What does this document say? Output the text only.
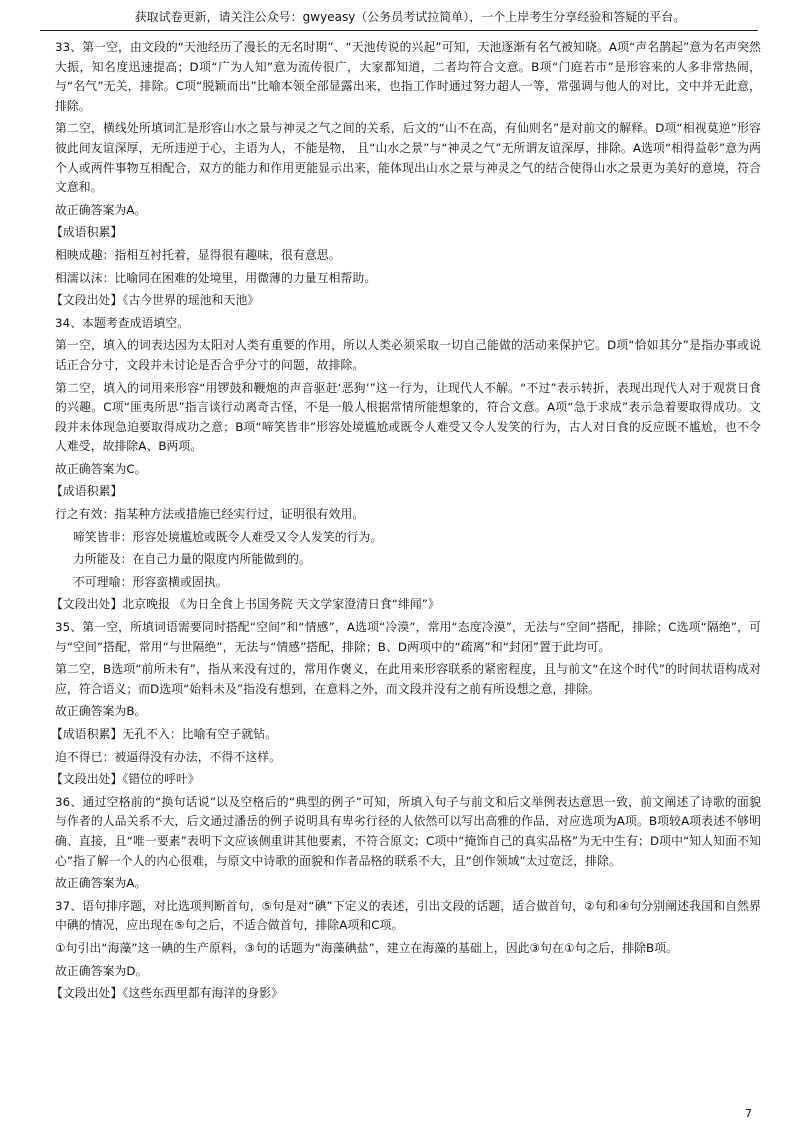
获取试卷更新，请关注公众号：gwyeasy（公务员考试拉简单），一个上岸考生分享经验和答疑的平台。

33、第一空，由文段的“天池经历了漫长的无名时期”、“天池传说的兴起”可知，天池逐渐有名气被知晓。A项“声名鹊起”意为名声突然大振，知名度迅速提高；D项“广为人知”意为流传很广，大家都知道，二者均符合文意。B项“门庭若市”是形容来的人多非常热闹，与“名气”无关，排除。C项“脱颖而出”比喻本领全部显露出来，也指工作时通过努力超人一等，常强调与他人的对比，文中并无此意，排除。

第二空，横线处所填词汇是形容山水之景与神灵之气之间的关系，后文的“山不在高，有仙则名”是对前文的解释。D项“相视莫逆”形容彼此间友谊深厚，无所违逆于心，主语为人，不能是物， 且“山水之景”与“神灵之气”无所谓友谊深厚，排除。A选项“相得益彰”意为两个人或两件事物互相配合，双方的能力和作用更能显示出来，能体现出山水之景与神灵之气的结合使得山水之景更为美好的意境，符合文意和。

故正确答案为A。

【成语积累】

相映成趣：指相互衬托着，显得很有趣味，很有意思。

相濡以沫：比喻同在困难的处境里，用微薄的力量互相帮助。

【文段出处】《古今世界的瑶池和天池》

34、本题考查成语填空。

第一空，填入的词表达因为太阳对人类有重要的作用，所以人类必须采取一切自己能做的活动来保护它。D项“恰如其分”是指办事或说话正合分寸，文段并未讨论是否合乎分寸的问题，故排除。

第二空，填入的词用来形容“用锣鼓和鞭炮的声音驱赶‘恶狗’”这一行为，让现代人不解。“不过”表示转折，表现出现代人对于观赏日食的兴趣。C项“匪夷所思”指言谈行动离奇古怪，不是一般人根据常情所能想象的，符合文意。A项“急于求成”表示急着要取得成功。文段并未体现急迫要取得成功之意；B项“啼笑皆非”形容处境尴尬或既令人难受又令人发笑的行为，古人对日食的反应既不尴尬，也不令人难受，故排除A、B两项。

故正确答案为C。

【成语积累】

行之有效：指某种方法或措施已经实行过，证明很有效用。

啼笑皆非：形容处境尴尬或既令人难受又令人发笑的行为。

力所能及：在自己力量的限度内所能做到的。

不可理喻：形容蛮横或固执。

【文段出处】北京晚报 《为日全食上书国务院 天文学家澄清日食“绯闻”》

35、第一空，所填词语需要同时搭配“空间”和“情感”，A选项“冷漠”，常用“态度冷漠”，无法与“空间”搭配，排除；C选项“隔绝”，可与“空间”搭配，常用“与世隔绝”，无法与“情感”搭配，排除；B、D两项中的“疏离”和“封闭”置于此均可。

第二空，B选项“前所未有”，指从来没有过的，常用作褒义，在此用来形容联系的紧密程度，且与前文“在这个时代”的时间状语构成对应，符合语义；而D选项“始料未及”指没有想到，在意料之外，而文段并没有之前有所设想之意，排除。

故正确答案为B。

【成语积累】无孔不入：比喻有空子就钻。

迫不得已：被逼得没有办法，不得不这样。

【文段出处】《错位的呼叶》

36、通过空格前的“换句话说”以及空格后的“典型的例子”可知，所填入句子与前文和后文举例表达意思一致，前文阐述了诗歌的面貌与作者的人品关系不大，后文通过潘岳的例子说明具有卑劣行径的人依然可以写出高雅的作品，对应选项为A项。B项较A项表述不够明确、直接，且“唯一要素”表明下文应该侧重讲其他要素，不符合原文；C项中“掩饰自己的真实品格”为无中生有；D项中“知人知面不知心”指了解一个人的内心很难，与原文中诗歌的面貌和作者品格的联系不大，且“创作领域”太过宽泛，排除。

故正确答案为A。

37、语句排序题，对比选项判断首句，⑤句是对“碘”下定义的表述，引出文段的话题，适合做首句，②句和④句分别阐述我国和自然界中碘的情况，应出现在⑤句之后，不适合做首句，排除A项和C项。

①句引出“海藻”这一碘的生产原料，③句的话题为“海藻碘盐”，建立在海藻的基础上，因此③句在①句之后，排除B项。

故正确答案为D。

【文段出处】《这些东西里都有海洋的身影》

7
